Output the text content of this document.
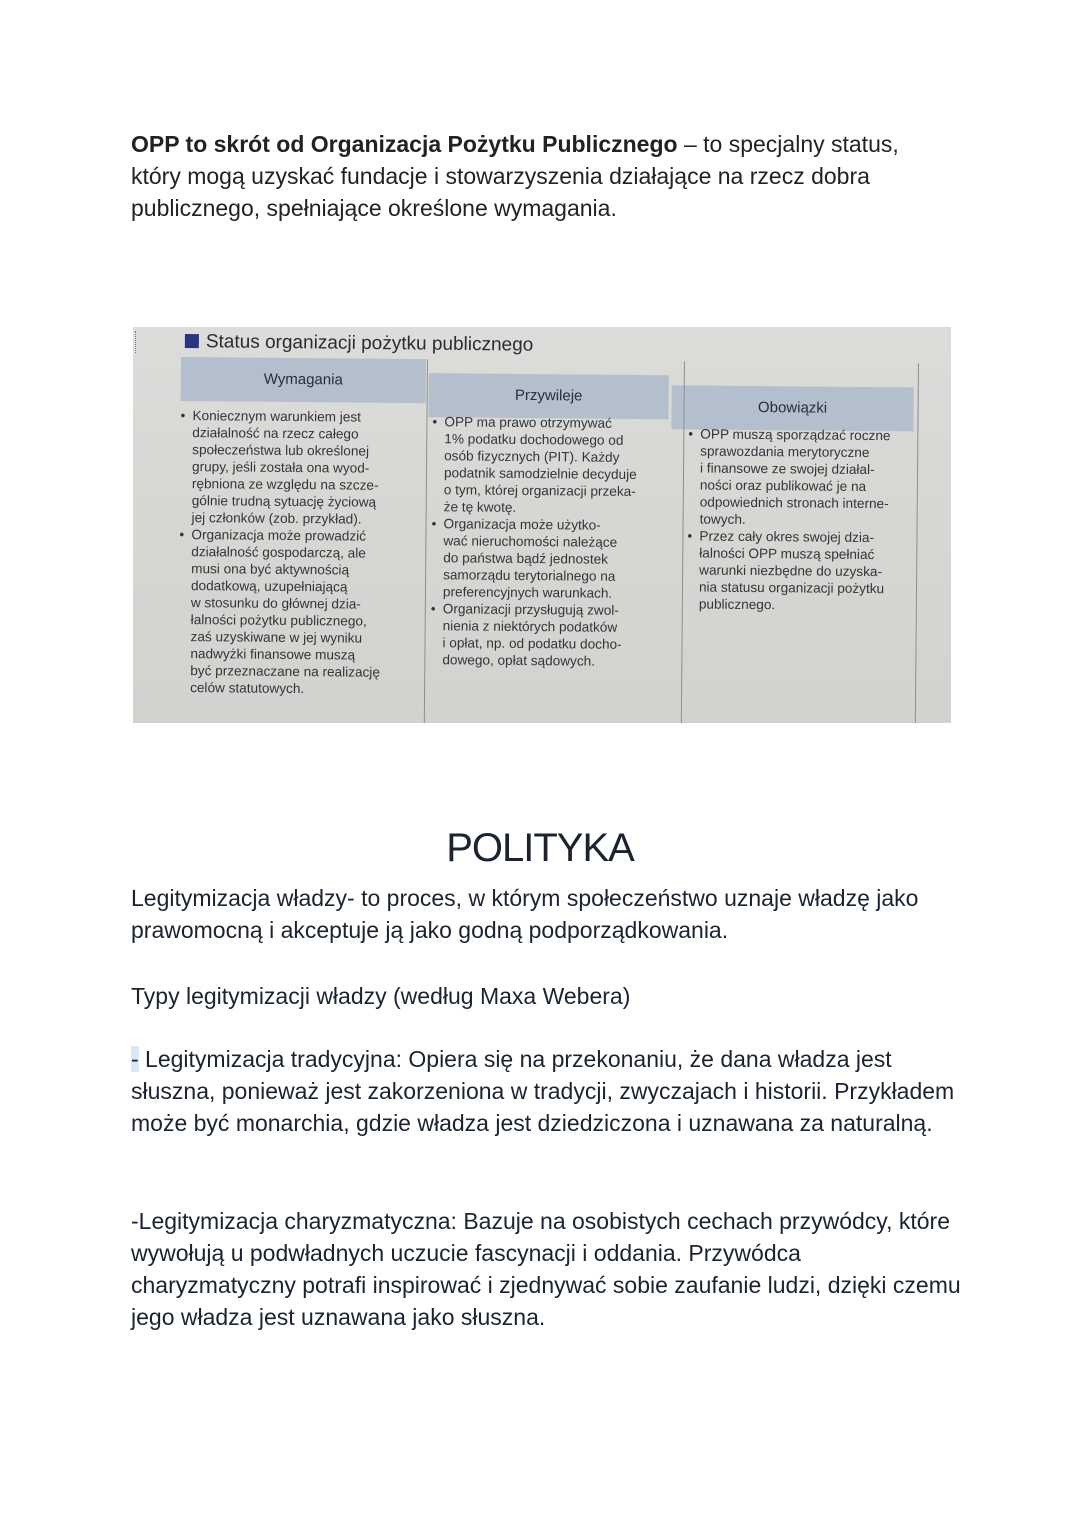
OPP to skrót od Organizacja Pożytku Publicznego – to specjalny status, który mogą uzyskać fundacje i stowarzyszenia działające na rzecz dobra publicznego, spełniające określone wymagania.
Status organizacji pożytku publicznego
Wymagania
Przywileje
Obowiązki
• Koniecznym warunkiem jest
działalność na rzecz całego
społeczeństwa lub określonej
grupy, jeśli została ona wyod-
rębniona ze względu na szcze-
gólnie trudną sytuację życiową
jej członków (zob. przykład).
• Organizacja może prowadzić
działalność gospodarczą, ale
musi ona być aktywnością
dodatkową, uzupełniającą
w stosunku do głównej dzia-
łalności pożytku publicznego,
zaś uzyskiwane w jej wyniku
nadwyżki finansowe muszą
być przeznaczane na realizację
celów statutowych.
• OPP ma prawo otrzymywać
1% podatku dochodowego od
osób fizycznych (PIT). Każdy
podatnik samodzielnie decyduje
o tym, której organizacji przeka-
że tę kwotę.
• Organizacja może użytko-
wać nieruchomości należące
do państwa bądź jednostek
samorządu terytorialnego na
preferencyjnych warunkach.
• Organizacji przysługują zwol-
nienia z niektórych podatków
i opłat, np. od podatku docho-
dowego, opłat sądowych.
• OPP muszą sporządzać roczne
sprawozdania merytoryczne
i finansowe ze swojej działal-
ności oraz publikować je na
odpowiednich stronach interne-
towych.
• Przez cały okres swojej dzia-
łalności OPP muszą spełniać
warunki niezbędne do uzyska-
nia statusu organizacji pożytku
publicznego.
POLITYKA
Legitymizacja władzy- to proces, w którym społeczeństwo uznaje władzę jako prawomocną i akceptuje ją jako godną podporządkowania.
Typy legitymizacji władzy (według Maxa Webera)
- Legitymizacja tradycyjna: Opiera się na przekonaniu, że dana władza jest słuszna, ponieważ jest zakorzeniona w tradycji, zwyczajach i historii. Przykładem może być monarchia, gdzie władza jest dziedziczona i uznawana za naturalną.
-Legitymizacja charyzmatyczna: Bazuje na osobistych cechach przywódcy, które wywołują u podwładnych uczucie fascynacji i oddania. Przywódca charyzmatyczny potrafi inspirować i zjednywać sobie zaufanie ludzi, dzięki czemu jego władza jest uznawana jako słuszna.
